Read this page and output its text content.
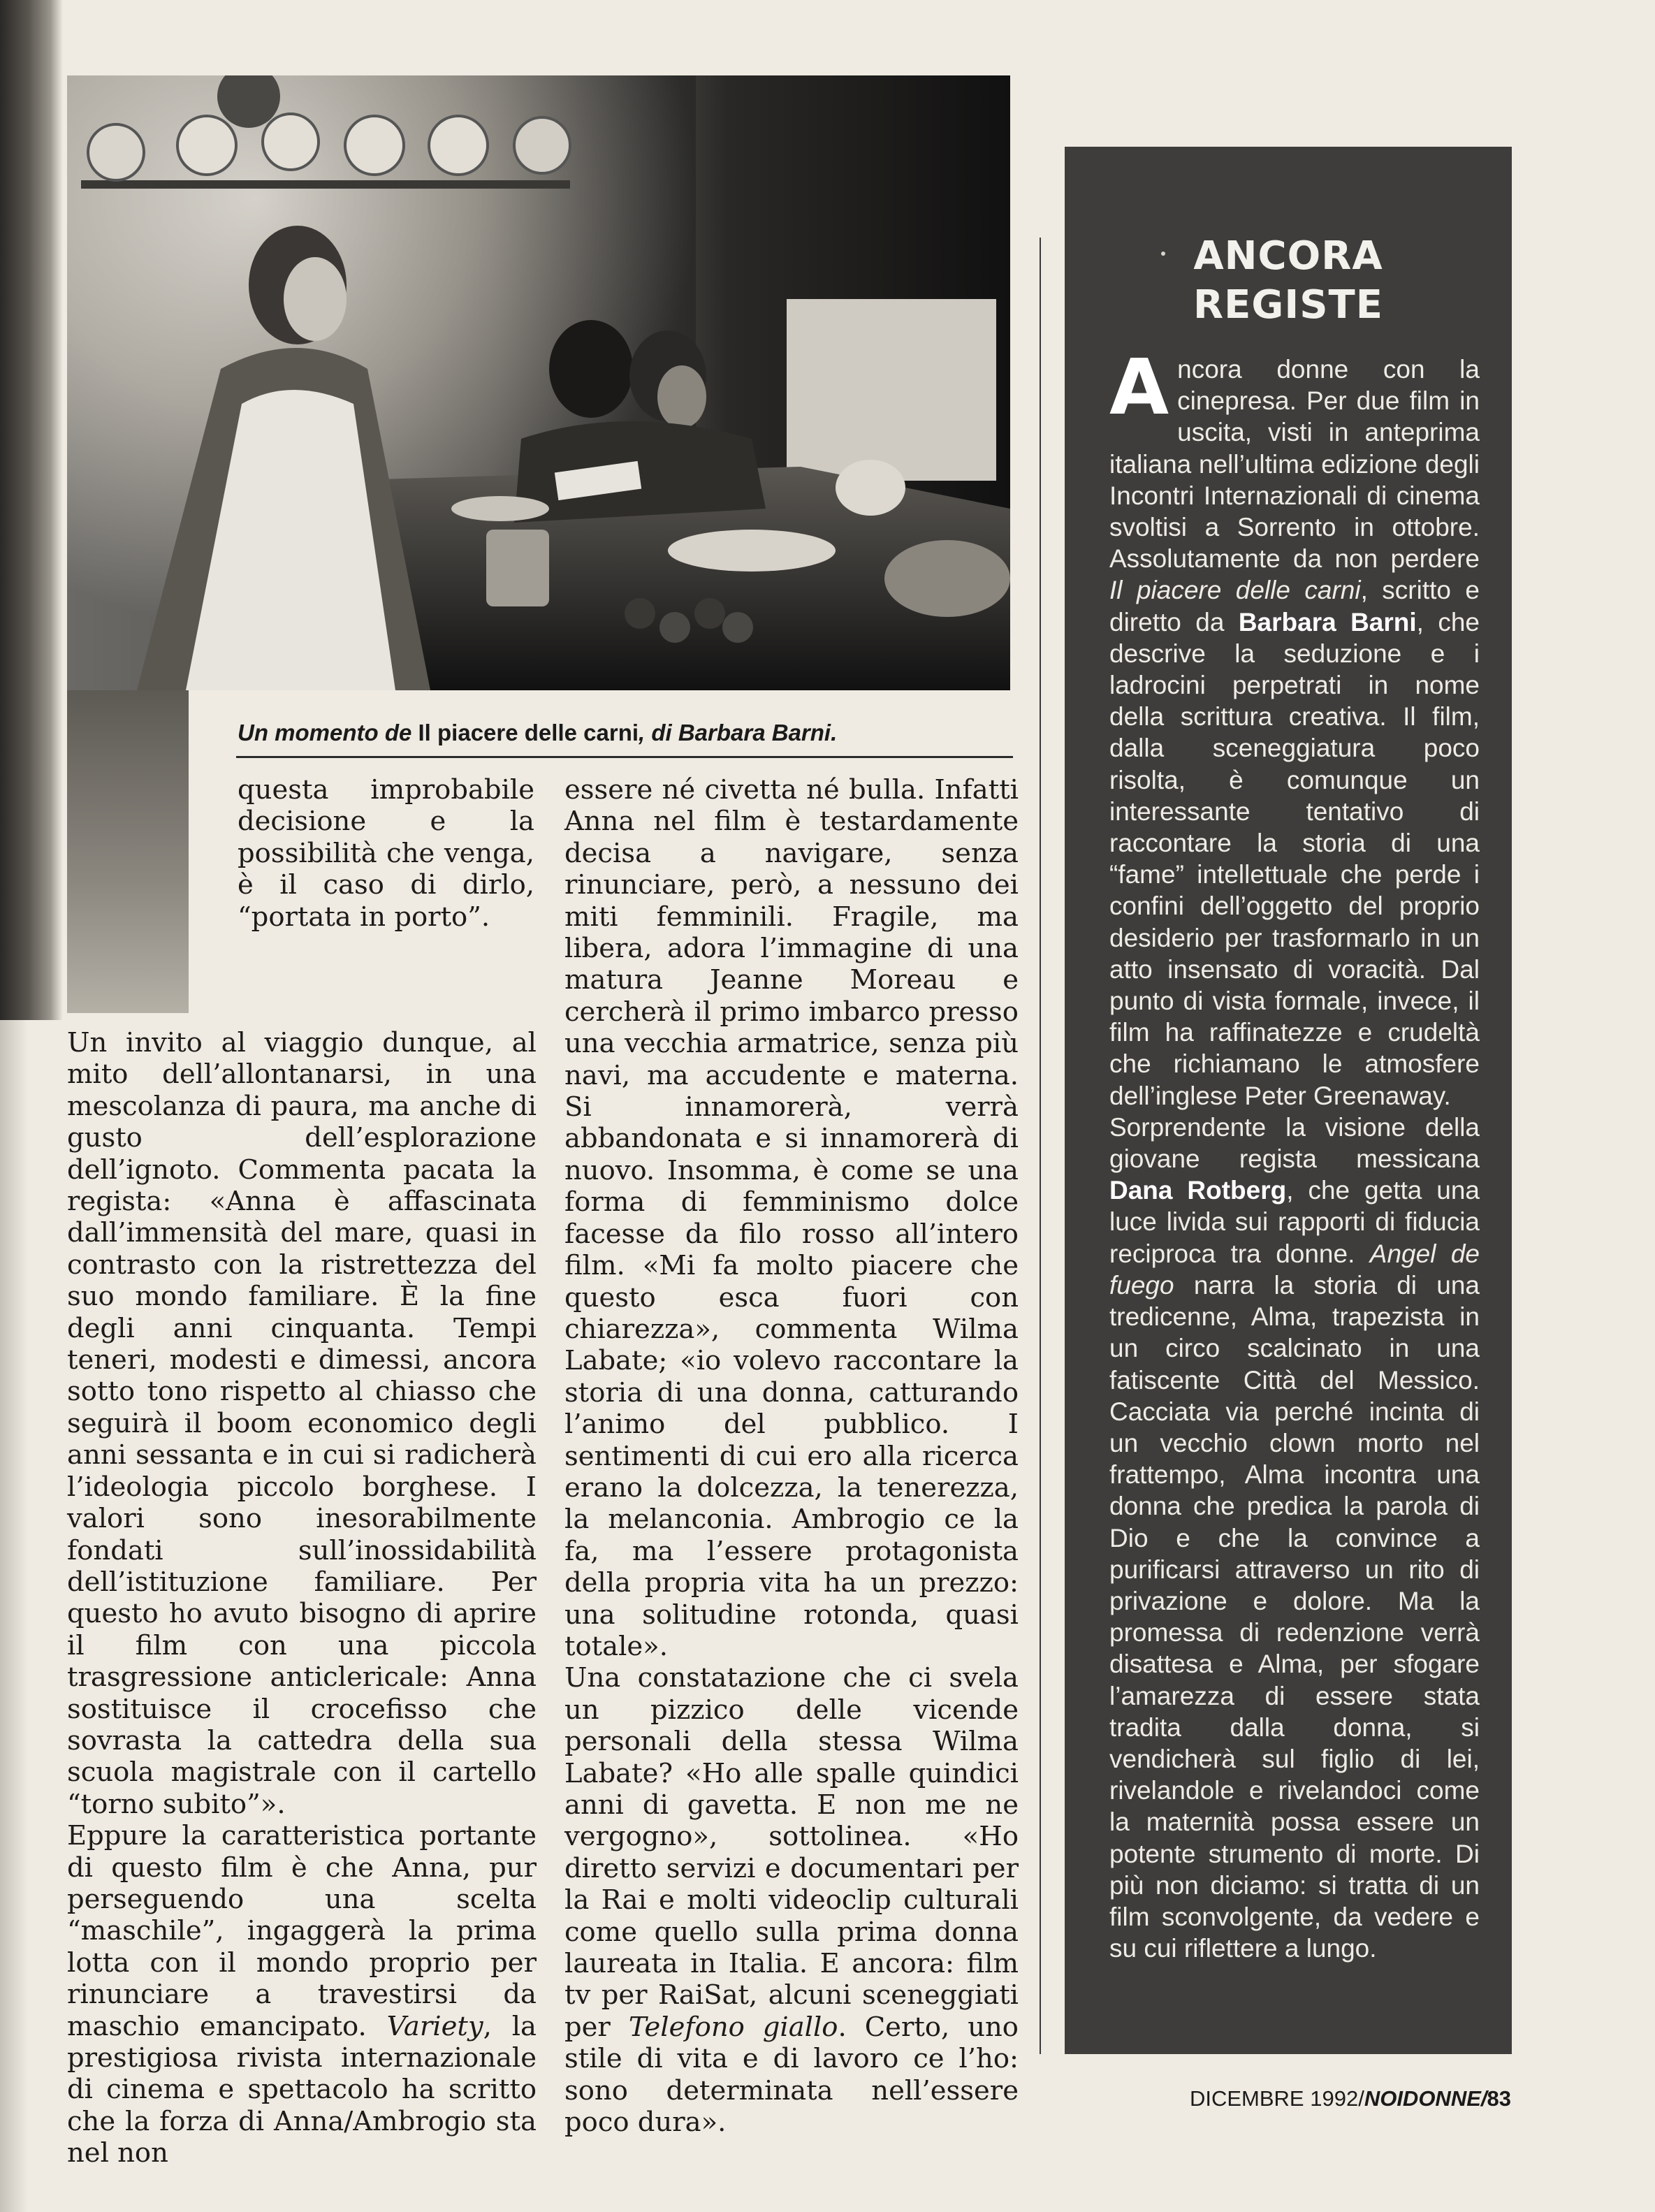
Un momento de Il piacere delle carni, di Barbara Barni.

questa improbabile decisione e la possibilità che venga, è il caso di dirlo, “portata in porto”.

Un invito al viaggio dunque, al mito dell’allontanarsi, in una mescolanza di paura, ma anche di gusto dell’esplorazione dell’ignoto. Commenta pacata la regista: «Anna è affascinata dall’immensità del mare, quasi in contrasto con la ristrettezza del suo mondo familiare. È la fine degli anni cinquanta. Tempi teneri, modesti e dimessi, ancora sotto tono rispetto al chiasso che seguirà il boom economico degli anni sessanta e in cui si radicherà l’ideologia piccolo borghese. I valori sono inesorabilmente fondati sull’inossidabilità dell’istituzione familiare. Per questo ho avuto bisogno di aprire il film con una piccola trasgressione anticlericale: Anna sostituisce il crocefisso che sovrasta la cattedra della sua scuola magistrale con il cartello “torno subito”».

Eppure la caratteristica portante di questo film è che Anna, pur perseguendo una scelta “maschile”, ingaggerà la prima lotta con il mondo proprio per rinunciare a travestirsi da maschio emancipato. Variety, la prestigiosa rivista internazionale di cinema e spettacolo ha scritto che la forza di Anna/Ambrogio sta nel non

essere né civetta né bulla. Infatti Anna nel film è testardamente decisa a navigare, senza rinunciare, però, a nessuno dei miti femminili. Fragile, ma libera, adora l’immagine di una matura Jeanne Moreau e cercherà il primo imbarco presso una vecchia armatrice, senza più navi, ma accudente e materna. Si innamorerà, verrà abbandonata e si innamorerà di nuovo. Insomma, è come se una forma di femminismo dolce facesse da filo rosso all’intero film. «Mi fa molto piacere che questo esca fuori con chiarezza», commenta Wilma Labate; «io volevo raccontare la storia di una donna, catturando l’animo del pubblico. I sentimenti di cui ero alla ricerca erano la dolcezza, la tenerezza, la melanconia. Ambrogio ce la fa, ma l’essere protagonista della propria vita ha un prezzo: una solitudine rotonda, quasi totale».

Una constatazione che ci svela un pizzico delle vicende personali della stessa Wilma Labate? «Ho alle spalle quindici anni di gavetta. E non me ne vergogno», sottolinea. «Ho diretto servizi e documentari per la Rai e molti videoclip culturali come quello sulla prima donna laureata in Italia. E ancora: film tv per RaiSat, alcuni sceneggiati per Telefono giallo. Certo, uno stile di vita e di lavoro ce l’ho: sono determinata nell’essere poco dura».

ANCORA
REGISTE

Ancora donne con la cinepresa. Per due film in uscita, visti in anteprima italiana nell’ultima edizione degli Incontri Internazionali di cinema svoltisi a Sorrento in ottobre. Assolutamente da non perdere Il piacere delle carni, scritto e diretto da Barbara Barni, che descrive la seduzione e i ladrocini perpetrati in nome della scrittura creativa. Il film, dalla sceneggiatura poco risolta, è comunque un interessante tentativo di raccontare la storia di una “fame” intellettuale che perde i confini dell’oggetto del proprio desiderio per trasformarlo in un atto insensato di voracità. Dal punto di vista formale, invece, il film ha raffinatezze e crudeltà che richiamano le atmosfere dell’inglese Peter Greenaway.

Sorprendente la visione della giovane regista messicana Dana Rotberg, che getta una luce livida sui rapporti di fiducia reciproca tra donne. Angel de fuego narra la storia di una tredicenne, Alma, trapezista in un circo scalcinato in una fatiscente Città del Messico. Cacciata via perché incinta di un vecchio clown morto nel frattempo, Alma incontra una donna che predica la parola di Dio e che la convince a purificarsi attraverso un rito di privazione e dolore. Ma la promessa di redenzione verrà disattesa e Alma, per sfogare l’amarezza di essere stata tradita dalla donna, si vendicherà sul figlio di lei, rivelandole e rivelandoci come la maternità possa essere un potente strumento di morte. Di più non diciamo: si tratta di un film sconvolgente, da vedere e su cui riflettere a lungo.

DICEMBRE 1992/NOIDONNE/83
